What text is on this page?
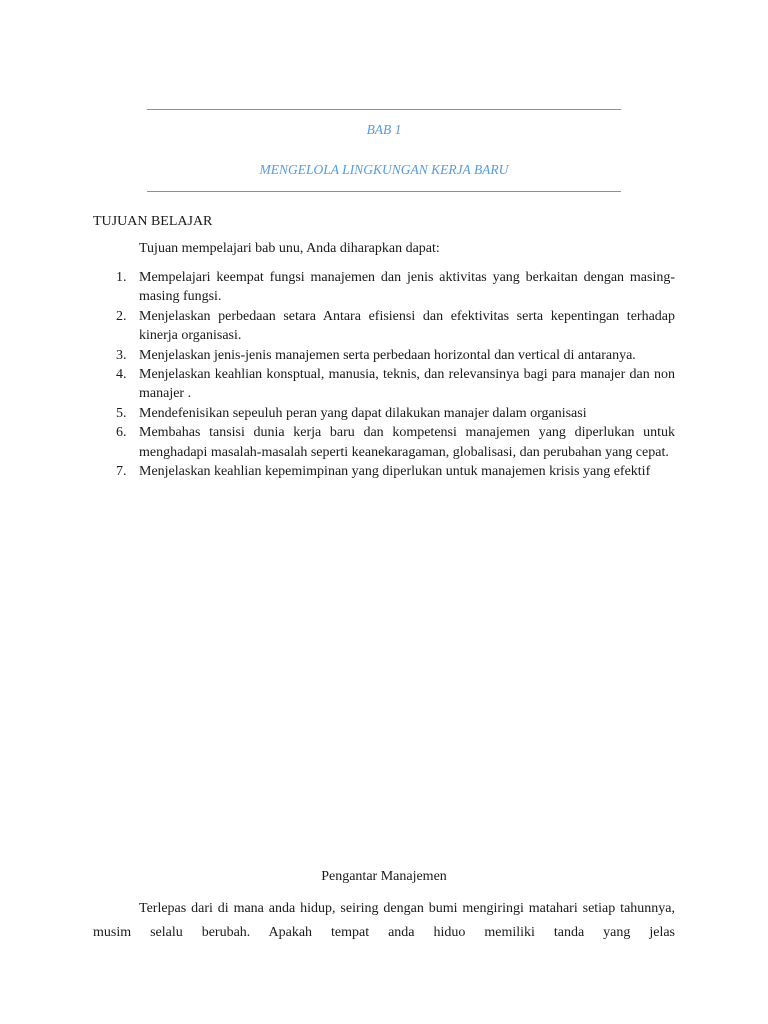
BAB 1
MENGELOLA LINGKUNGAN KERJA BARU
TUJUAN BELAJAR
Tujuan mempelajari bab unu, Anda diharapkan dapat:
1. Mempelajari keempat fungsi manajemen dan jenis aktivitas yang berkaitan dengan masing-masing fungsi.
2. Menjelaskan perbedaan setara Antara efisiensi dan efektivitas serta kepentingan terhadap kinerja organisasi.
3. Menjelaskan jenis-jenis manajemen serta perbedaan horizontal dan vertical di antaranya.
4. Menjelaskan keahlian konsptual, manusia, teknis, dan relevansinya bagi para manajer dan non manajer .
5. Mendefenisikan sepeuluh peran yang dapat dilakukan manajer dalam organisasi
6. Membahas tansisi dunia kerja baru dan kompetensi manajemen yang diperlukan untuk menghadapi masalah-masalah seperti keanekaragaman, globalisasi, dan perubahan yang cepat.
7. Menjelaskan keahlian kepemimpinan yang diperlukan untuk manajemen krisis yang efektif
Pengantar Manajemen

Terlepas dari di mana anda hidup, seiring dengan bumi mengiringi matahari setiap tahunnya, musim selalu berubah. Apakah tempat anda hiduo memiliki tanda yang jelas
